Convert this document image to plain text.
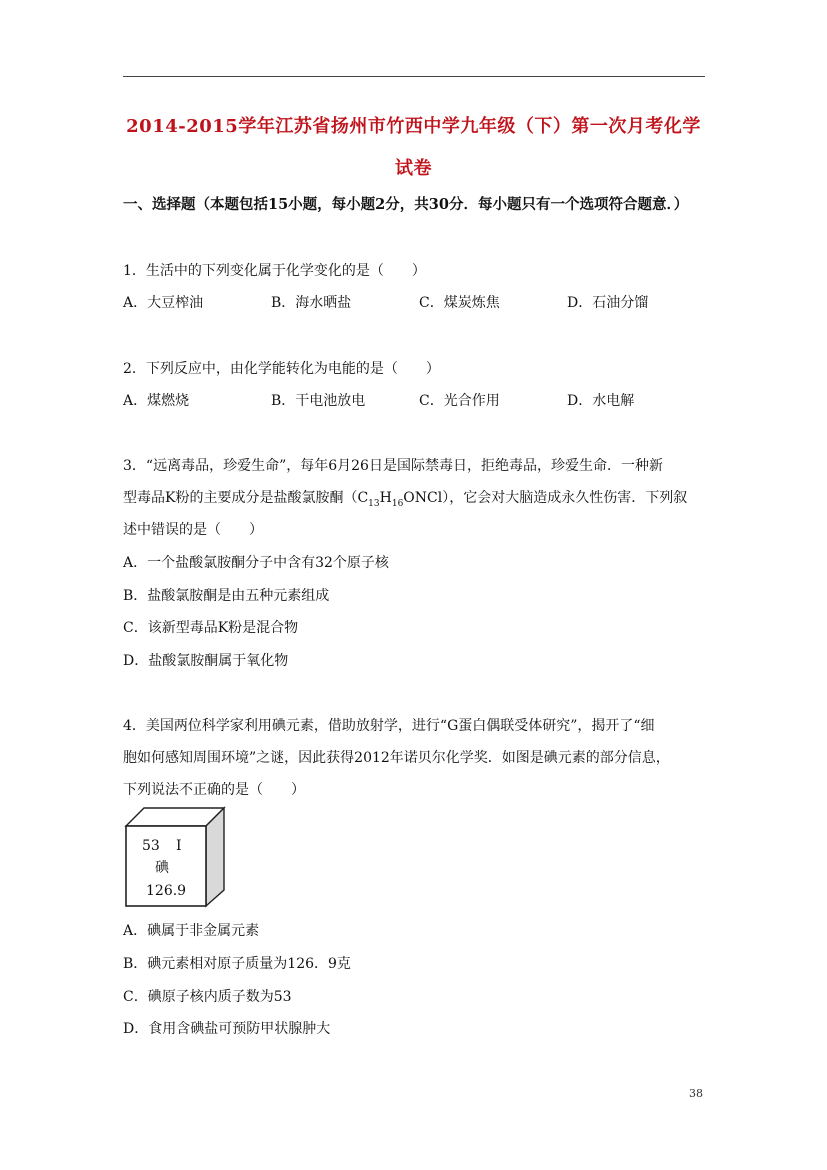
2014-2015学年江苏省扬州市竹西中学九年级（下）第一次月考化学
试卷
一、选择题（本题包括15小题，每小题2分，共30分．每小题只有一个选项符合题意．）
1．生活中的下列变化属于化学变化的是（　　）
A．大豆榨油	B．海水晒盐	C．煤炭炼焦	D．石油分馏
2．下列反应中，由化学能转化为电能的是（　　）
A．煤燃烧	B．干电池放电	C．光合作用	D．水电解
3．“远离毒品，珍爱生命”，每年6月26日是国际禁毒日，拒绝毒品，珍爱生命．一种新
型毒品K粉的主要成分是盐酸氯胺酮$(C_{13}H_{16}ONCl)$，它会对大脑造成永久性伤害．下列叙
述中错误的是（　　）
A．一个盐酸氯胺酮分子中含有32个原子核
B．盐酸氯胺酮是由五种元素组成
C．该新型毒品K粉是混合物
D．盐酸氯胺酮属于氧化物
4．美国两位科学家利用碘元素，借助放射学，进行“G蛋白偶联受体研究”，揭开了“细
胞如何感知周围环境”之谜，因此获得2012年诺贝尔化学奖．如图是碘元素的部分信息，
下列说法不正确的是（　　）
53 I
碘
126.9
A．碘属于非金属元素
B．碘元素相对原子质量为126．9克
C．碘原子核内质子数为53
D．食用含碘盐可预防甲状腺肿大
38
